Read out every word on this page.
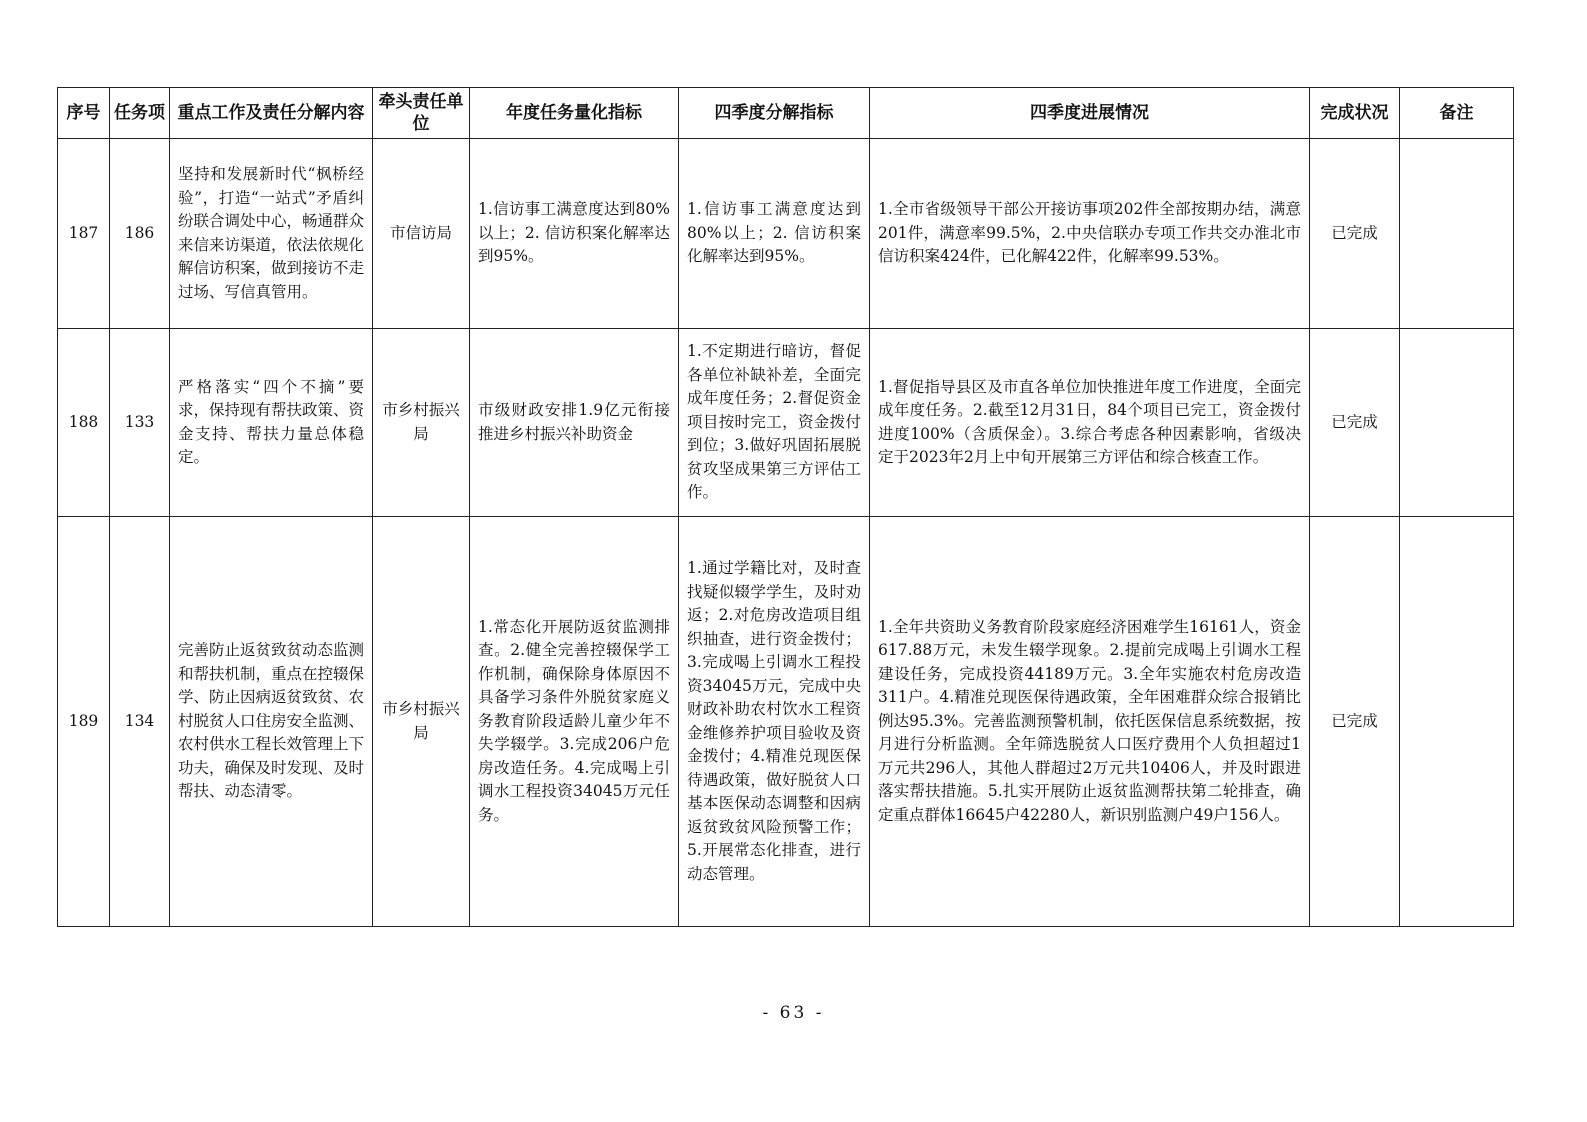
序号	任务项	重点工作及责任分解内容	牵头责任单位	年度任务量化指标	四季度分解指标	四季度进展情况	完成状况	备注
187	186	坚持和发展新时代“枫桥经验”，打造“一站式”矛盾纠纷联合调处中心，畅通群众来信来访渠道，依法依规化解信访积案，做到接访不走过场、写信真管用。	市信访局	1.信访事工满意度达到80%以上；2. 信访积案化解率达到95%。	1.信访事工满意度达到80%以上；2. 信访积案化解率达到95%。	1.全市省级领导干部公开接访事项202件全部按期办结，满意201件，满意率99.5%，2.中央信联办专项工作共交办淮北市信访积案424件，已化解422件，化解率99.53%。	已完成	
188	133	严格落实“四个不摘”要求，保持现有帮扶政策、资金支持、帮扶力量总体稳定。	市乡村振兴局	市级财政安排1.9亿元衔接推进乡村振兴补助资金	1.不定期进行暗访，督促各单位补缺补差，全面完成年度任务；2.督促资金项目按时完工，资金拨付到位；3.做好巩固拓展脱贫攻坚成果第三方评估工作。	1.督促指导县区及市直各单位加快推进年度工作进度，全面完成年度任务。2.截至12月31日，84个项目已完工，资金拨付进度100%（含质保金）。3.综合考虑各种因素影响，省级决定于2023年2月上中旬开展第三方评估和综合核查工作。	已完成	
189	134	完善防止返贫致贫动态监测和帮扶机制，重点在控辍保学、防止因病返贫致贫、农村脱贫人口住房安全监测、农村供水工程长效管理上下功夫，确保及时发现、及时帮扶、动态清零。	市乡村振兴局	1.常态化开展防返贫监测排查。2.健全完善控辍保学工作机制，确保除身体原因不具备学习条件外脱贫家庭义务教育阶段适龄儿童少年不失学辍学。3.完成206户危房改造任务。4.完成喝上引调水工程投资34045万元任务。	1.通过学籍比对，及时查找疑似辍学学生，及时劝返；2.对危房改造项目组织抽查，进行资金拨付；3.完成喝上引调水工程投资34045万元，完成中央财政补助农村饮水工程资金维修养护项目验收及资金拨付；4.精准兑现医保待遇政策，做好脱贫人口基本医保动态调整和因病返贫致贫风险预警工作；5.开展常态化排查，进行动态管理。	1.全年共资助义务教育阶段家庭经济困难学生16161人，资金617.88万元，未发生辍学现象。2.提前完成喝上引调水工程建设任务，完成投资44189万元。3.全年实施农村危房改造311户。4.精准兑现医保待遇政策，全年困难群众综合报销比例达95.3%。完善监测预警机制，依托医保信息系统数据，按月进行分析监测。全年筛选脱贫人口医疗费用个人负担超过1万元共296人，其他人群超过2万元共10406人，并及时跟进落实帮扶措施。5.扎实开展防止返贫监测帮扶第二轮排查，确定重点群体16645户42280人，新识别监测户49户156人。	已完成	
- 63 -
